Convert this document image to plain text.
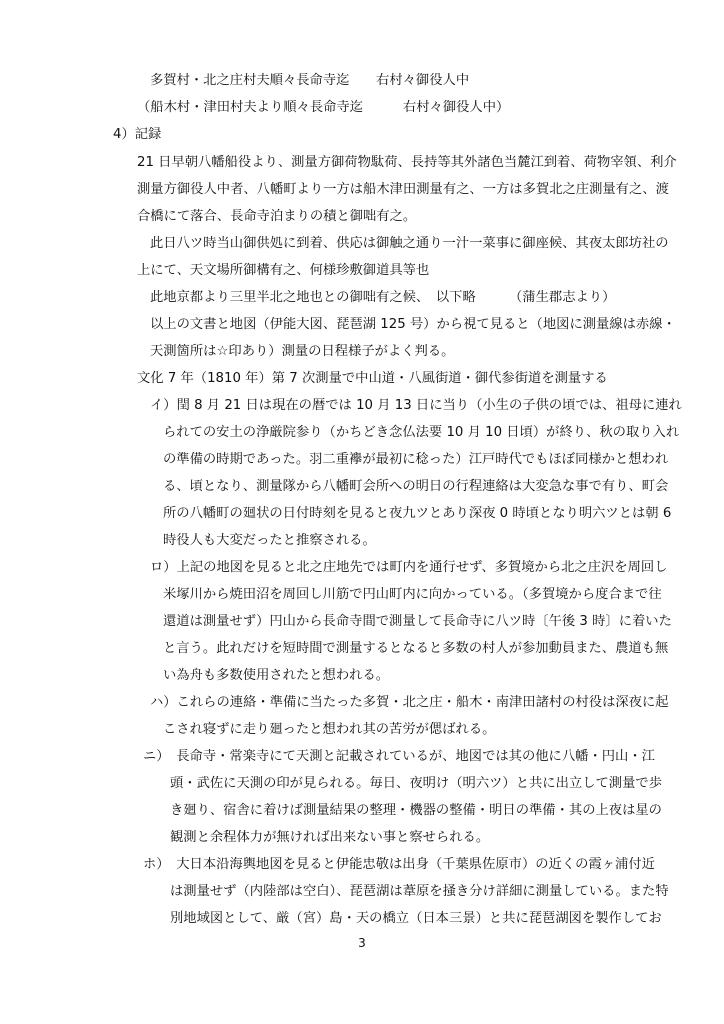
多賀村・北之庄村夫順々長命寺迄　　右村々御役人中
（船木村・津田村夫より順々長命寺迄　　　右村々御役人中）
4）記録
21 日早朝八幡船役より、測量方御荷物駄荷、長持等其外諸色当麓江到着、荷物宰領、利介
測量方御役人中者、八幡町より一方は船木津田測量有之、一方は多賀北之庄測量有之、渡
合橋にて落合、長命寺泊まりの積と御咄有之。
此日八ツ時当山御供処に到着、供応は御触之通り一汁一菜事に御座候、其夜太郎坊社の
上にて、天文場所御構有之、何様珍敷御道具等也
此地京都より三里半北之地也との御咄有之候、　以下略　　　（蒲生郡志より）
以上の文書と地図（伊能大図、琵琶湖 125 号）から視て見ると（地図に測量線は赤線・
天測箇所は☆印あり）測量の日程様子がよく判る。
文化 7 年（1810 年）第 7 次測量で中山道・八風街道・御代参街道を測量する
イ）閏 8 月 21 日は現在の暦では 10 月 13 日に当り（小生の子供の頃では、祖母に連れ
られての安土の浄厳院参り（かちどき念仏法要 10 月 10 日頃）が終り、秋の取り入れ
の準備の時期であった。羽二重襷が最初に稔った）江戸時代でもほぼ同様かと想われ
る、頃となり、測量隊から八幡町会所への明日の行程連絡は大変急な事で有り、町会
所の八幡町の廻状の日付時刻を見ると夜九ツとあり深夜 0 時頃となり明六ツとは朝 6
時役人も大変だったと推察される。
ロ）上記の地図を見ると北之庄地先では町内を通行せず、多賀境から北之庄沢を周回し
米塚川から焼田沼を周回し川筋で円山町内に向かっている。（多賀境から度合まで往
還道は測量せず）円山から長命寺間で測量して長命寺に八ツ時〔午後 3 時〕に着いた
と言う。此れだけを短時間で測量するとなると多数の村人が参加動員また、農道も無
い為舟も多数使用されたと想われる。
ハ）これらの連絡・準備に当たった多賀・北之庄・船木・南津田諸村の村役は深夜に起
こされ寝ずに走り廻ったと想われ其の苦労が偲ばれる。
ニ）　長命寺・常楽寺にて天測と記載されているが、地図では其の他に八幡・円山・江
頭・武佐に天測の印が見られる。毎日、夜明け（明六ツ）と共に出立して測量で歩
き廻り、宿舎に着けば測量結果の整理・機器の整備・明日の準備・其の上夜は星の
観測と余程体力が無ければ出来ない事と察せられる。
ホ）　大日本沿海輿地図を見ると伊能忠敬は出身（千葉県佐原市）の近くの霞ヶ浦付近
は測量せず（内陸部は空白）、琵琶湖は葦原を掻き分け詳細に測量している。また特
別地域図として、厳（宮）島・天の橋立（日本三景）と共に琵琶湖図を製作してお
3
